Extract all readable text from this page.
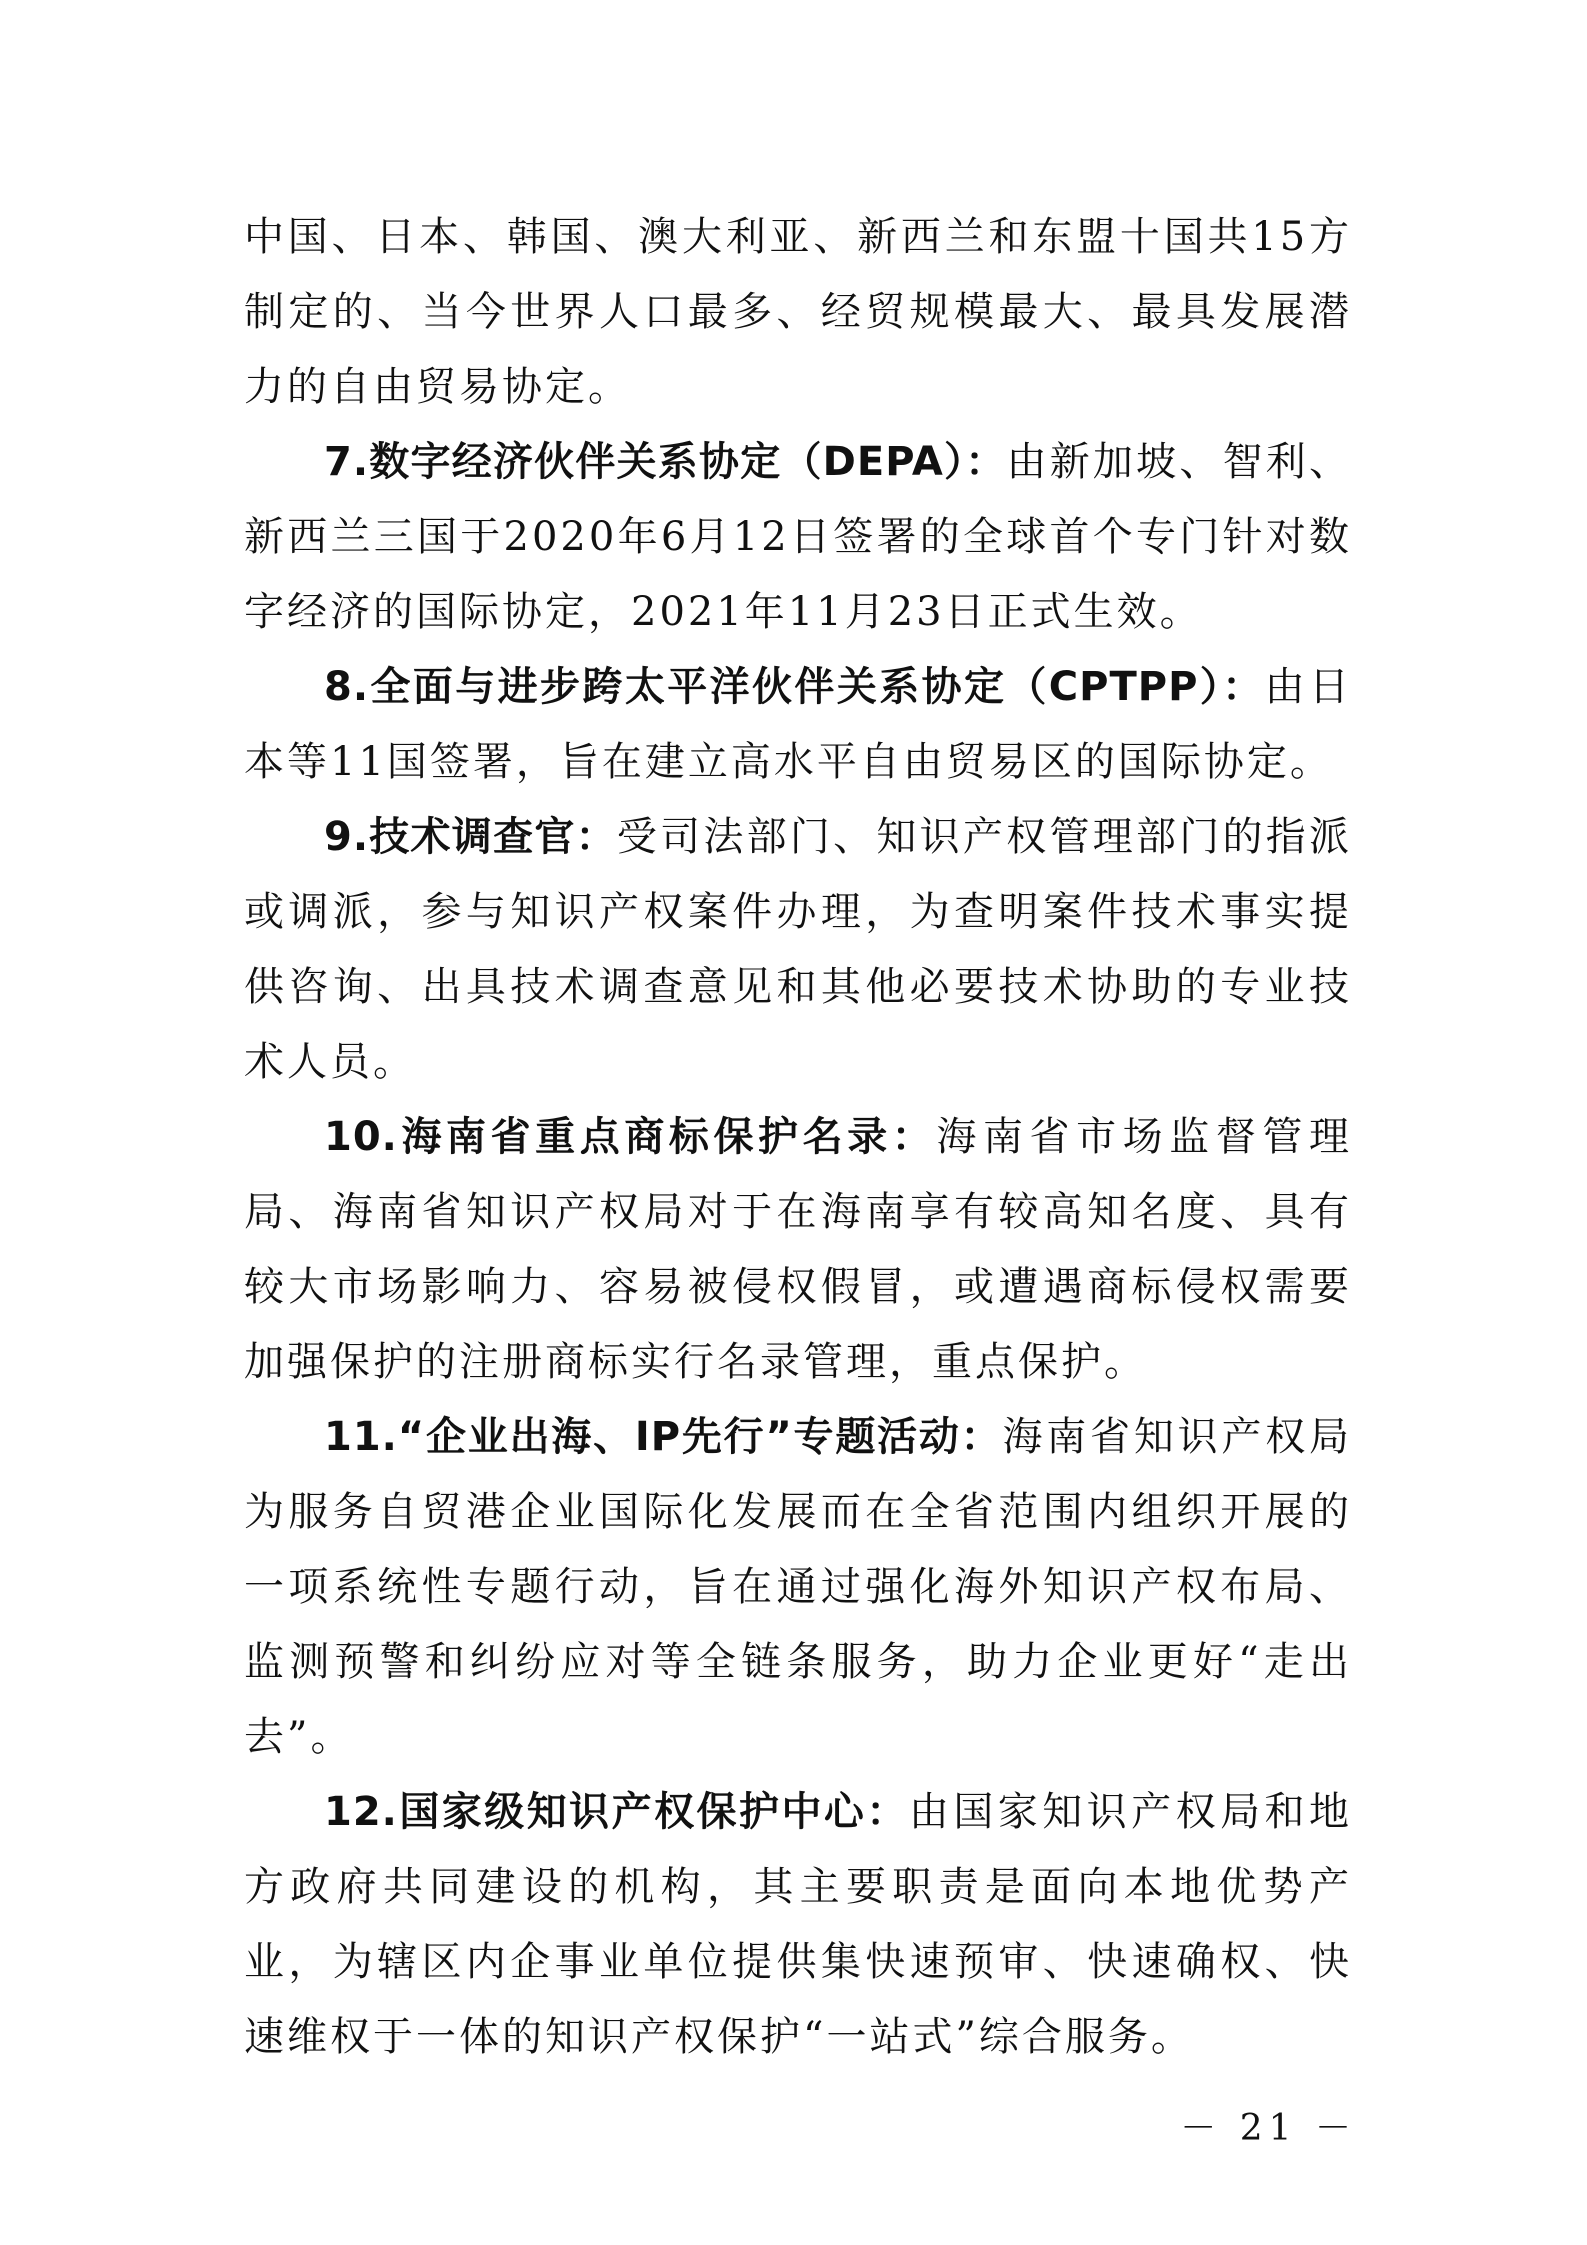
中国、日本、韩国、澳大利亚、新西兰和东盟十国共15方制定的、当今世界人口最多、经贸规模最大、最具发展潜力的自由贸易协定。

7.数字经济伙伴关系协定（DEPA）：由新加坡、智利、新西兰三国于2020年6月12日签署的全球首个专门针对数字经济的国际协定，2021年11月23日正式生效。

8.全面与进步跨太平洋伙伴关系协定（CPTPP）：由日本等11国签署，旨在建立高水平自由贸易区的国际协定。

9.技术调查官：受司法部门、知识产权管理部门的指派或调派，参与知识产权案件办理，为查明案件技术事实提供咨询、出具技术调查意见和其他必要技术协助的专业技术人员。

10.海南省重点商标保护名录：海南省市场监督管理局、海南省知识产权局对于在海南享有较高知名度、具有较大市场影响力、容易被侵权假冒，或遭遇商标侵权需要加强保护的注册商标实行名录管理，重点保护。

11.“企业出海、IP先行”专题活动：海南省知识产权局为服务自贸港企业国际化发展而在全省范围内组织开展的一项系统性专题行动，旨在通过强化海外知识产权布局、监测预警和纠纷应对等全链条服务，助力企业更好“走出去”。

12.国家级知识产权保护中心：由国家知识产权局和地方政府共同建设的机构，其主要职责是面向本地优势产业，为辖区内企事业单位提供集快速预审、快速确权、快速维权于一体的知识产权保护“一站式”综合服务。

－ 21 －
